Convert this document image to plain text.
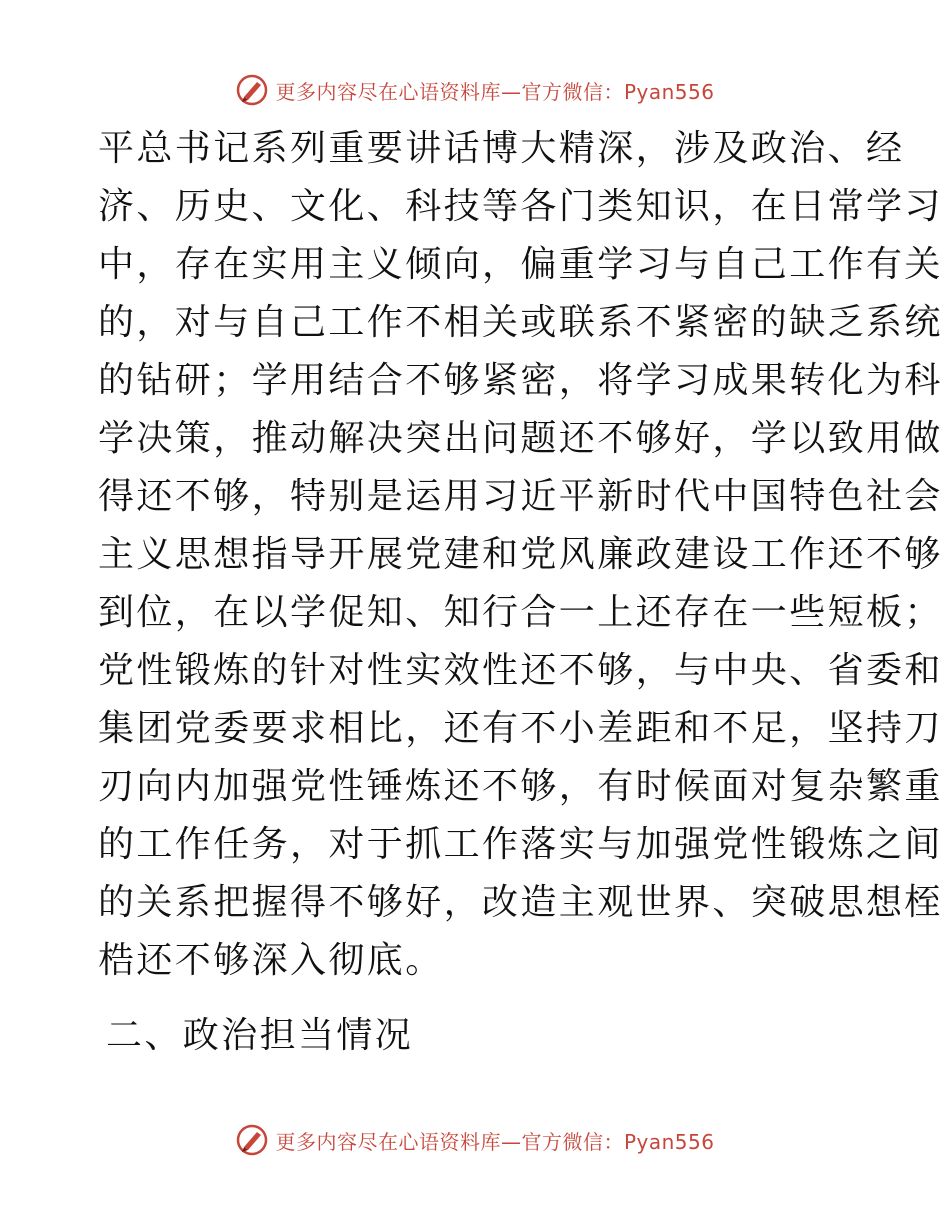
更多内容尽在心语资料库—官方微信：Pyan556
平总书记系列重要讲话博大精深，涉及政治、经
济、历史、文化、科技等各门类知识，在日常学习
中，存在实用主义倾向，偏重学习与自己工作有关
的，对与自己工作不相关或联系不紧密的缺乏系统
的钻研；学用结合不够紧密，将学习成果转化为科
学决策，推动解决突出问题还不够好，学以致用做
得还不够，特别是运用习近平新时代中国特色社会
主义思想指导开展党建和党风廉政建设工作还不够
到位，在以学促知、知行合一上还存在一些短板；
党性锻炼的针对性实效性还不够，与中央、省委和
集团党委要求相比，还有不小差距和不足，坚持刀
刃向内加强党性锤炼还不够，有时候面对复杂繁重
的工作任务，对于抓工作落实与加强党性锻炼之间
的关系把握得不够好，改造主观世界、突破思想桎
梏还不够深入彻底。
二、政治担当情况
更多内容尽在心语资料库—官方微信：Pyan556
